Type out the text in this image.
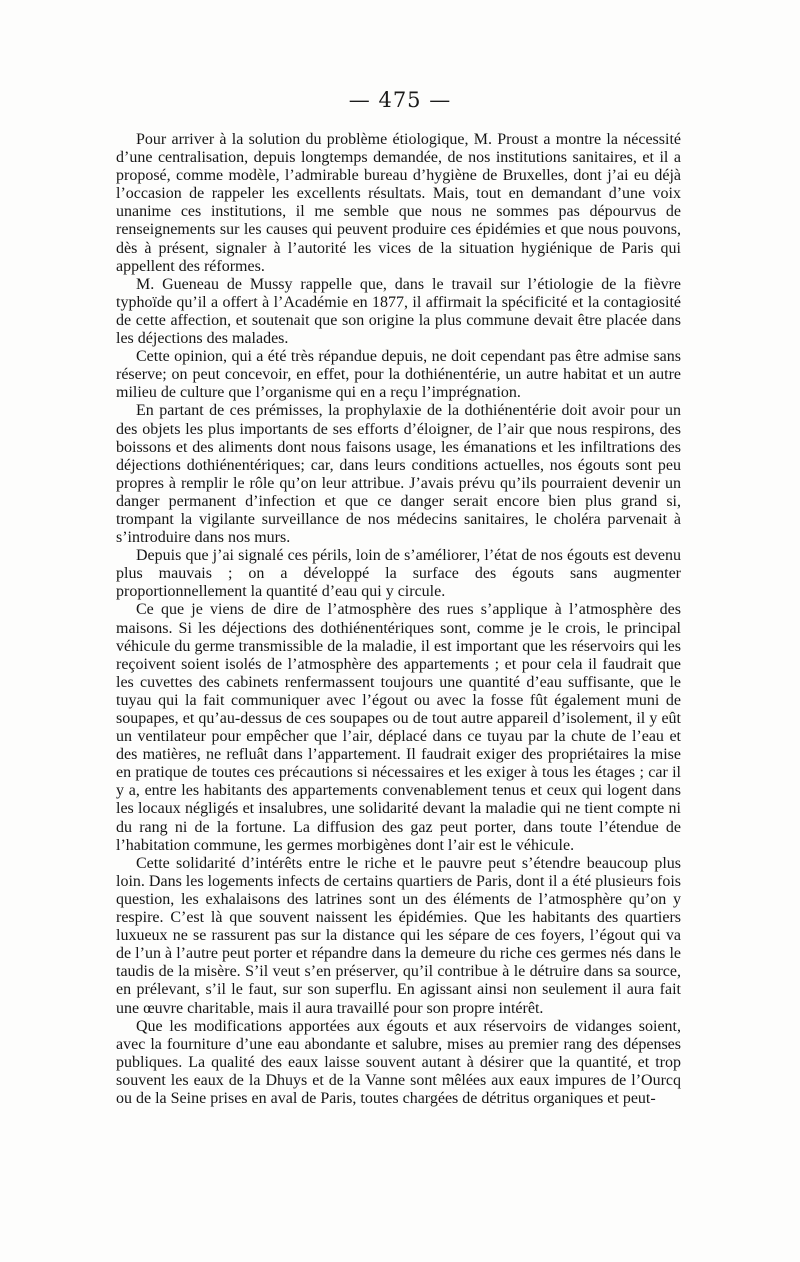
— 475 —

Pour arriver à la solution du problème étiologique, M. Proust a montre la nécessité d’une centralisation, depuis longtemps demandée, de nos institutions sanitaires, et il a proposé, comme modèle, l’admirable bureau d’hygiène de Bruxelles, dont j’ai eu déjà l’occasion de rappeler les excellents résultats. Mais, tout en demandant d’une voix unanime ces institutions, il me semble que nous ne sommes pas dépourvus de renseignements sur les causes qui peuvent produire ces épidémies et que nous pouvons, dès à présent, signaler à l’autorité les vices de la situation hygiénique de Paris qui appellent des réformes.

M. Gueneau de Mussy rappelle que, dans le travail sur l’étiologie de la fièvre typhoïde qu’il a offert à l’Académie en 1877, il affirmait la spécificité et la contagiosité de cette affection, et soutenait que son origine la plus commune devait être placée dans les déjections des malades.

Cette opinion, qui a été très répandue depuis, ne doit cependant pas être admise sans réserve; on peut concevoir, en effet, pour la dothiénentérie, un autre habitat et un autre milieu de culture que l’organisme qui en a reçu l’imprégnation.

En partant de ces prémisses, la prophylaxie de la dothiénentérie doit avoir pour un des objets les plus importants de ses efforts d’éloigner, de l’air que nous respirons, des boissons et des aliments dont nous faisons usage, les émanations et les infiltrations des déjections dothiénentériques; car, dans leurs conditions actuelles, nos égouts sont peu propres à remplir le rôle qu’on leur attribue. J’avais prévu qu’ils pourraient devenir un danger permanent d’infection et que ce danger serait encore bien plus grand si, trompant la vigilante surveillance de nos médecins sanitaires, le choléra parvenait à s’introduire dans nos murs.

Depuis que j’ai signalé ces périls, loin de s’améliorer, l’état de nos égouts est devenu plus mauvais ; on a développé la surface des égouts sans augmenter proportionnellement la quantité d’eau qui y circule.

Ce que je viens de dire de l’atmosphère des rues s’applique à l’atmosphère des maisons. Si les déjections des dothiénentériques sont, comme je le crois, le principal véhicule du germe transmissible de la maladie, il est important que les réservoirs qui les reçoivent soient isolés de l’atmosphère des appartements ; et pour cela il faudrait que les cuvettes des cabinets renfermassent toujours une quantité d’eau suffisante, que le tuyau qui la fait communiquer avec l’égout ou avec la fosse fût également muni de soupapes, et qu’au-dessus de ces soupapes ou de tout autre appareil d’isolement, il y eût un ventilateur pour empêcher que l’air, déplacé dans ce tuyau par la chute de l’eau et des matières, ne refluât dans l’appartement. Il faudrait exiger des propriétaires la mise en pratique de toutes ces précautions si nécessaires et les exiger à tous les étages ; car il y a, entre les habitants des appartements convenablement tenus et ceux qui logent dans les locaux négligés et insalubres, une solidarité devant la maladie qui ne tient compte ni du rang ni de la fortune. La diffusion des gaz peut porter, dans toute l’étendue de l’habitation commune, les germes morbigènes dont l’air est le véhicule.

Cette solidarité d’intérêts entre le riche et le pauvre peut s’étendre beaucoup plus loin. Dans les logements infects de certains quartiers de Paris, dont il a été plusieurs fois question, les exhalaisons des latrines sont un des éléments de l’atmosphère qu’on y respire. C’est là que souvent naissent les épidémies. Que les habitants des quartiers luxueux ne se rassurent pas sur la distance qui les sépare de ces foyers, l’égout qui va de l’un à l’autre peut porter et répandre dans la demeure du riche ces germes nés dans le taudis de la misère. S’il veut s’en préserver, qu’il contribue à le détruire dans sa source, en prélevant, s’il le faut, sur son superflu. En agissant ainsi non seulement il aura fait une œuvre charitable, mais il aura travaillé pour son propre intérêt.

Que les modifications apportées aux égouts et aux réservoirs de vidanges soient, avec la fourniture d’une eau abondante et salubre, mises au premier rang des dépenses publiques. La qualité des eaux laisse souvent autant à désirer que la quantité, et trop souvent les eaux de la Dhuys et de la Vanne sont mêlées aux eaux impures de l’Ourcq ou de la Seine prises en aval de Paris, toutes chargées de détritus organiques et peut-
